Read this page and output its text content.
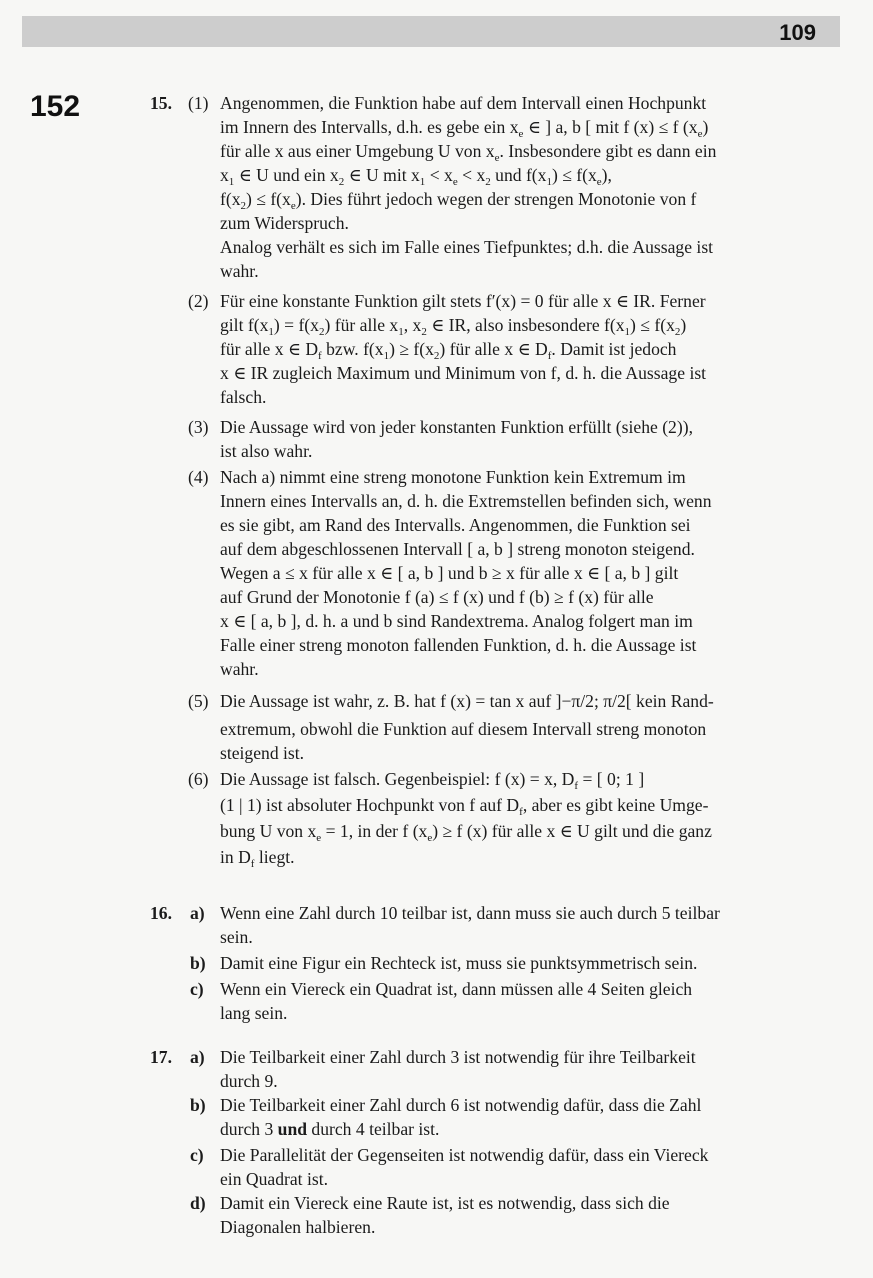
109
152	15. (1) Angenommen, die Funktion habe auf dem Intervall einen Hochpunkt
im Innern des Intervalls, d.h. es gebe ein $x_e$ ∈ ] a, b [ mit f (x) ≤ f $(x_e)$
für alle x aus einer Umgebung U von $x_e$. Insbesondere gibt es dann ein
$x_1$ ∈ U und ein $x_2$ ∈ U mit $x_1 < x_e < x_2$ und $f(x_1) \le f(x_e)$,
$f(x_2) \le f(x_e)$. Dies führt jedoch wegen der strengen Monotonie von f
zum Widerspruch.
Analog verhält es sich im Falle eines Tiefpunktes; d.h. die Aussage ist
wahr.
(2) Für eine konstante Funktion gilt stets f′(x) = 0 für alle x ∈ IR. Ferner
gilt $f(x_1) = f(x_2)$ für alle $x_1$, $x_2$ ∈ IR, also insbesondere $f(x_1) \le f(x_2)$
für alle x ∈ $D_f$ bzw. $f(x_1) \ge f(x_2)$ für alle x ∈ $D_f$. Damit ist jedoch
x ∈ IR zugleich Maximum und Minimum von f, d. h. die Aussage ist
falsch.
(3) Die Aussage wird von jeder konstanten Funktion erfüllt (siehe (2)),
ist also wahr.
(4) Nach a) nimmt eine streng monotone Funktion kein Extremum im
Innern eines Intervalls an, d. h. die Extremstellen befinden sich, wenn
es sie gibt, am Rand des Intervalls. Angenommen, die Funktion sei
auf dem abgeschlossenen Intervall [ a, b ] streng monoton steigend.
Wegen a ≤ x für alle x ∈ [ a, b ] und b ≥ x für alle x ∈ [ a, b ] gilt
auf Grund der Monotonie f (a) ≤ f (x) und f (b) ≥ f (x) für alle
x ∈ [ a, b ], d. h. a und b sind Randextrema. Analog folgert man im
Falle einer streng monoton fallenden Funktion, d. h. die Aussage ist
wahr.
(5) Die Aussage ist wahr, z. B. hat f (x) = tan x auf ]−π/2; π/2[ kein Rand-
extremum, obwohl die Funktion auf diesem Intervall streng monoton
steigend ist.
(6) Die Aussage ist falsch. Gegenbeispiel: f (x) = x, $D_f$ = [ 0; 1 ]
(1 | 1) ist absoluter Hochpunkt von f auf $D_f$, aber es gibt keine Umge-
bung U von $x_e = 1$, in der f $(x_e) \ge f$ (x) für alle x ∈ U gilt und die ganz
in $D_f$ liegt.
16. a) Wenn eine Zahl durch 10 teilbar ist, dann muss sie auch durch 5 teilbar
sein.
b) Damit eine Figur ein Rechteck ist, muss sie punktsymmetrisch sein.
c) Wenn ein Viereck ein Quadrat ist, dann müssen alle 4 Seiten gleich
lang sein.
17. a) Die Teilbarkeit einer Zahl durch 3 ist notwendig für ihre Teilbarkeit
durch 9.
b) Die Teilbarkeit einer Zahl durch 6 ist notwendig dafür, dass die Zahl
durch 3 und durch 4 teilbar ist.
c) Die Parallelität der Gegenseiten ist notwendig dafür, dass ein Viereck
ein Quadrat ist.
d) Damit ein Viereck eine Raute ist, ist es notwendig, dass sich die
Diagonalen halbieren.
